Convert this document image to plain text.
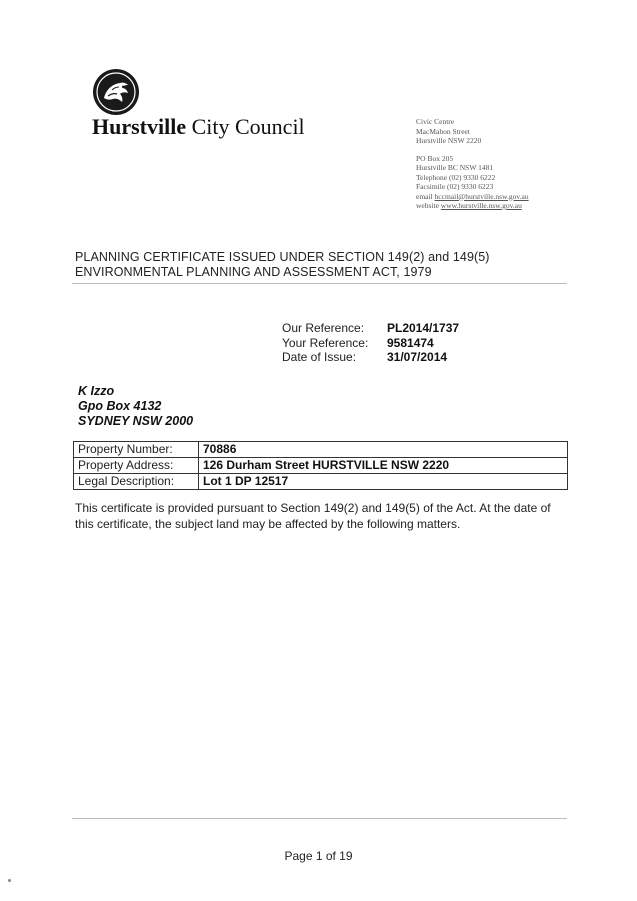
Hurstville City Council	Civic Centre
MacMahon Street
Hurstville NSW 2220
PO Box 205
Hurstville BC NSW 1481
Telephone (02) 9330 6222
Facsimile (02) 9330 6223
email hccmail@hurstville.nsw.gov.au
website www.hurstville.nsw.gov.au
PLANNING CERTIFICATE ISSUED UNDER SECTION 149(2) and 149(5)
ENVIRONMENTAL PLANNING AND ASSESSMENT ACT, 1979
Our Reference:	PL2014/1737
Your Reference:	9581474
Date of Issue:	31/07/2014
K Izzo
Gpo Box 4132
SYDNEY NSW 2000
Property Number:	70886
Property Address:	126 Durham Street HURSTVILLE NSW 2220
Legal Description:	Lot 1 DP 12517
This certificate is provided pursuant to Section 149(2) and 149(5) of the Act. At the date of this certificate, the subject land may be affected by the following matters.
Page 1 of 19
